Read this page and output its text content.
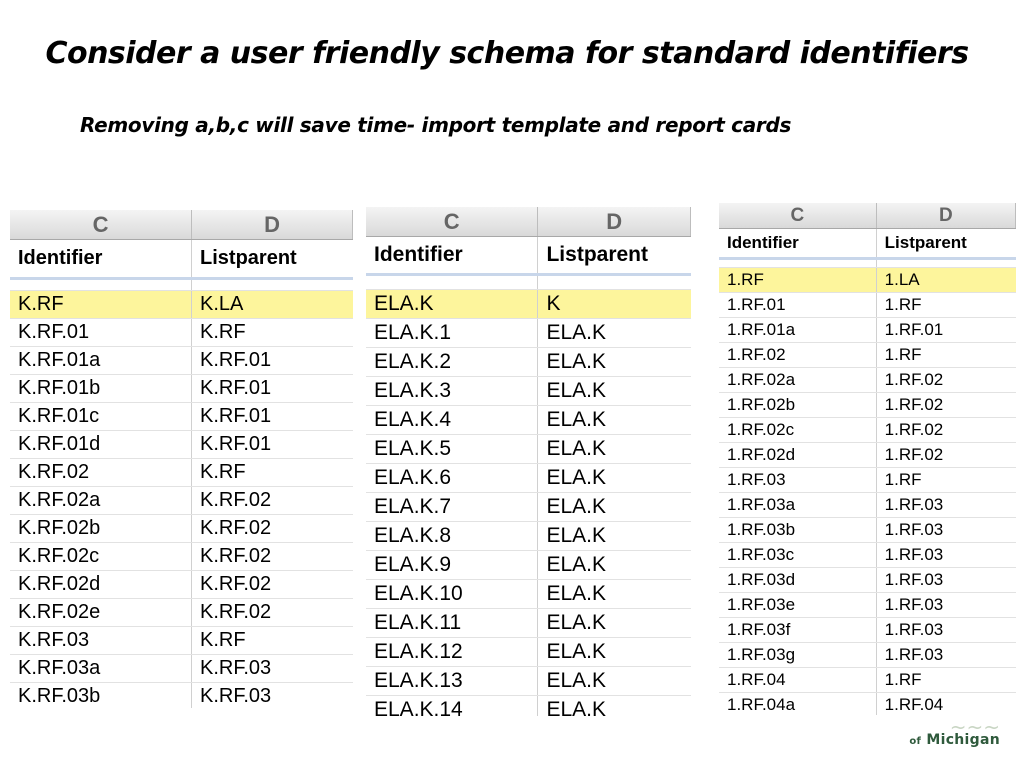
Consider a user friendly schema for standard identifiers
Removing a,b,c will save time- import template and report cards
C	D
Identifier	Listparent

K.RF	K.LA
K.RF.01	K.RF
K.RF.01a	K.RF.01
K.RF.01b	K.RF.01
K.RF.01c	K.RF.01
K.RF.01d	K.RF.01
K.RF.02	K.RF
K.RF.02a	K.RF.02
K.RF.02b	K.RF.02
K.RF.02c	K.RF.02
K.RF.02d	K.RF.02
K.RF.02e	K.RF.02
K.RF.03	K.RF
K.RF.03a	K.RF.03
K.RF.03b	K.RF.03
C	D
Identifier	Listparent

ELA.K	K
ELA.K.1	ELA.K
ELA.K.2	ELA.K
ELA.K.3	ELA.K
ELA.K.4	ELA.K
ELA.K.5	ELA.K
ELA.K.6	ELA.K
ELA.K.7	ELA.K
ELA.K.8	ELA.K
ELA.K.9	ELA.K
ELA.K.10	ELA.K
ELA.K.11	ELA.K
ELA.K.12	ELA.K
ELA.K.13	ELA.K
ELA.K.14	ELA.K
C	D
Identifier	Listparent

1.RF	1.LA
1.RF.01	1.RF
1.RF.01a	1.RF.01
1.RF.02	1.RF
1.RF.02a	1.RF.02
1.RF.02b	1.RF.02
1.RF.02c	1.RF.02
1.RF.02d	1.RF.02
1.RF.03	1.RF
1.RF.03a	1.RF.03
1.RF.03b	1.RF.03
1.RF.03c	1.RF.03
1.RF.03d	1.RF.03
1.RF.03e	1.RF.03
1.RF.03f	1.RF.03
1.RF.03g	1.RF.03
1.RF.04	1.RF
1.RF.04a	1.RF.04
~~~
of Michigan
